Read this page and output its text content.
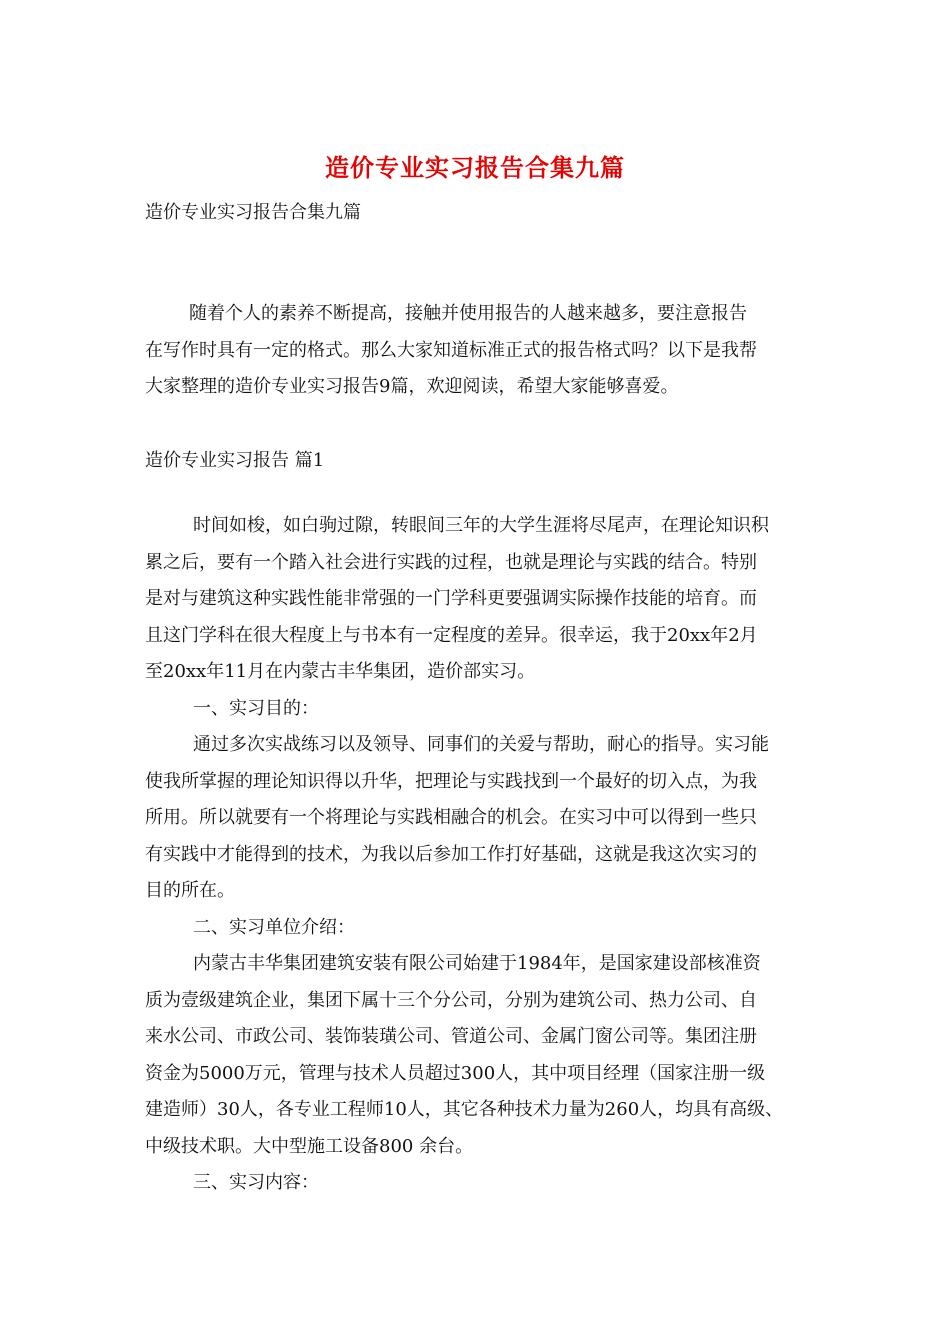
造价专业实习报告合集九篇
造价专业实习报告合集九篇
随着个人的素养不断提高，接触并使用报告的人越来越多，要注意报告
在写作时具有一定的格式。那么大家知道标准正式的报告格式吗？以下是我帮
大家整理的造价专业实习报告9篇，欢迎阅读，希望大家能够喜爱。
造价专业实习报告 篇1
时间如梭，如白驹过隙，转眼间三年的大学生涯将尽尾声，在理论知识积
累之后，要有一个踏入社会进行实践的过程，也就是理论与实践的结合。特别
是对与建筑这种实践性能非常强的一门学科更要强调实际操作技能的培育。而
且这门学科在很大程度上与书本有一定程度的差异。很幸运，我于20xx年2月
至20xx年11月在内蒙古丰华集团，造价部实习。
一、实习目的：
通过多次实战练习以及领导、同事们的关爱与帮助，耐心的指导。实习能
使我所掌握的理论知识得以升华，把理论与实践找到一个最好的切入点，为我
所用。所以就要有一个将理论与实践相融合的机会。在实习中可以得到一些只
有实践中才能得到的技术，为我以后参加工作打好基础，这就是我这次实习的
目的所在。
二、实习单位介绍：
内蒙古丰华集团建筑安装有限公司始建于1984年，是国家建设部核准资
质为壹级建筑企业，集团下属十三个分公司，分别为建筑公司、热力公司、自
来水公司、市政公司、装饰装璜公司、管道公司、金属门窗公司等。集团注册
资金为5000万元，管理与技术人员超过300人，其中项目经理（国家注册一级
建造师）30人，各专业工程师10人，其它各种技术力量为260人，均具有高级、
中级技术职。大中型施工设备800 余台。
三、实习内容：
